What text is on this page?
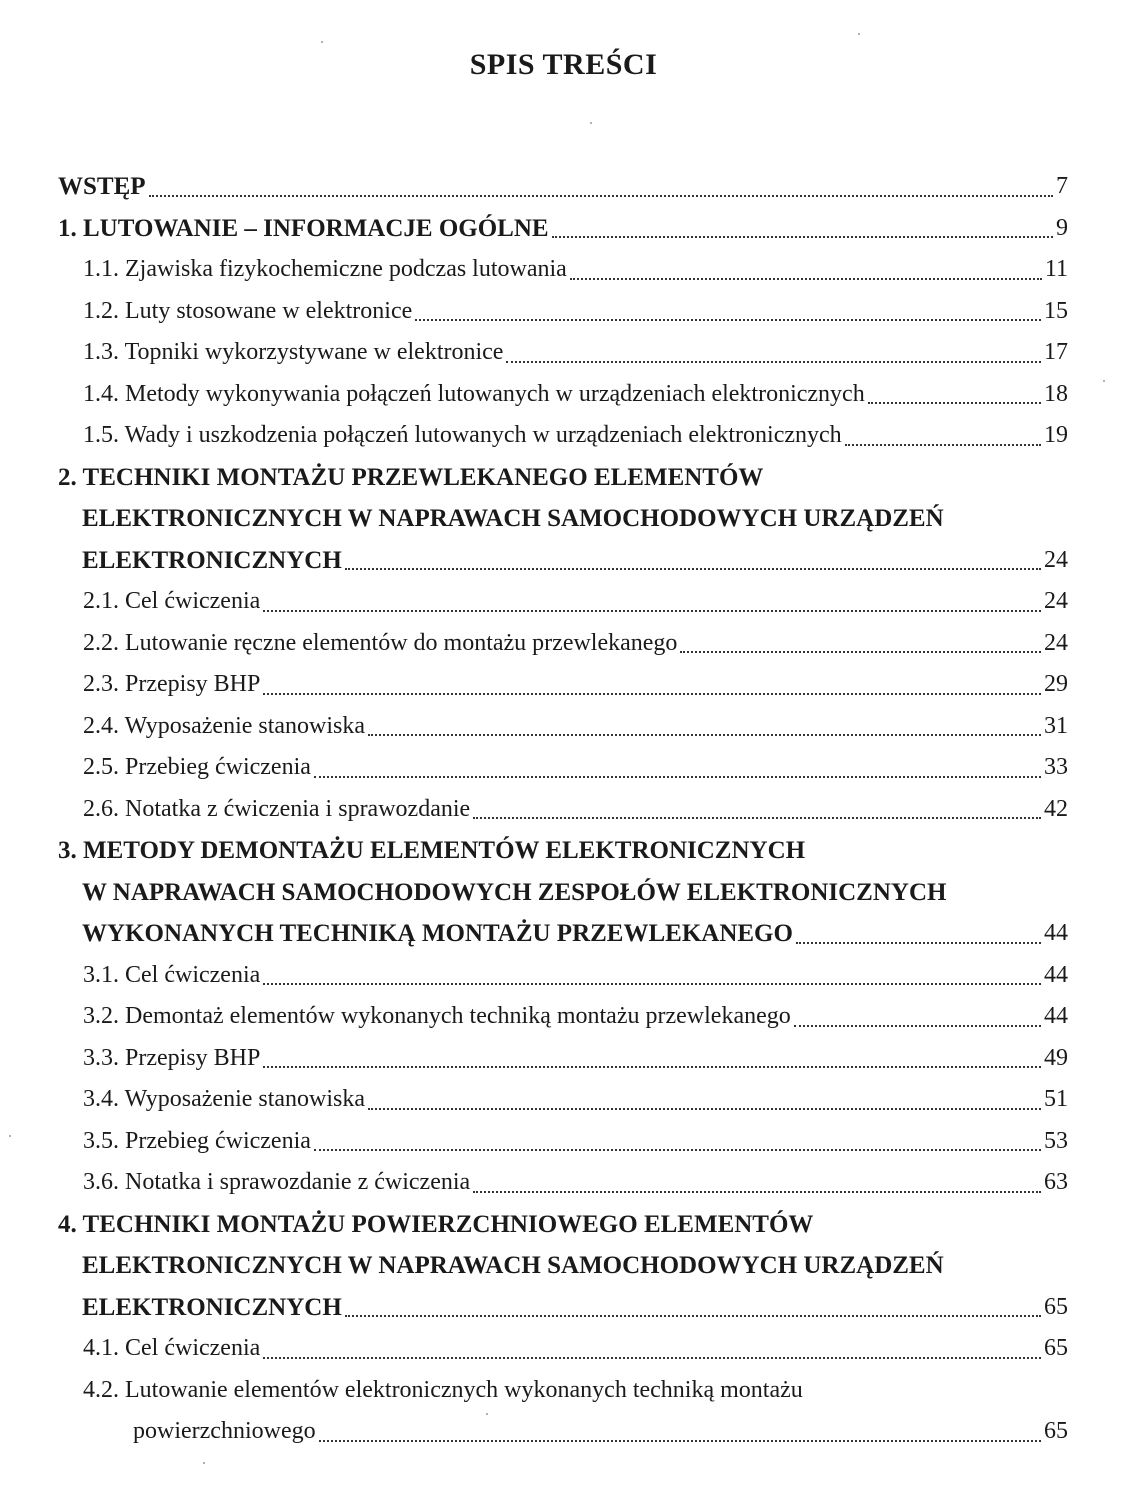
SPIS TREŚCI
WSTĘP	7
1. LUTOWANIE – INFORMACJE OGÓLNE	9
1.1. Zjawiska fizykochemiczne podczas lutowania	11
1.2. Luty stosowane w elektronice	15
1.3. Topniki wykorzystywane w elektronice	17
1.4. Metody wykonywania połączeń lutowanych w urządzeniach elektronicznych	18
1.5. Wady i uszkodzenia połączeń lutowanych w urządzeniach elektronicznych	19
2. TECHNIKI MONTAŻU PRZEWLEKANEGO ELEMENTÓW
ELEKTRONICZNYCH W NAPRAWACH SAMOCHODOWYCH URZĄDZEŃ
ELEKTRONICZNYCH	24
2.1. Cel ćwiczenia	24
2.2. Lutowanie ręczne elementów do montażu przewlekanego	24
2.3. Przepisy BHP	29
2.4. Wyposażenie stanowiska	31
2.5. Przebieg ćwiczenia	33
2.6. Notatka z ćwiczenia i sprawozdanie	42
3. METODY DEMONTAŻU ELEMENTÓW ELEKTRONICZNYCH
W NAPRAWACH SAMOCHODOWYCH ZESPOŁÓW ELEKTRONICZNYCH
WYKONANYCH TECHNIKĄ MONTAŻU PRZEWLEKANEGO	44
3.1. Cel ćwiczenia	44
3.2. Demontaż elementów wykonanych techniką montażu przewlekanego	44
3.3. Przepisy BHP	49
3.4. Wyposażenie stanowiska	51
3.5. Przebieg ćwiczenia	53
3.6. Notatka i sprawozdanie z ćwiczenia	63
4. TECHNIKI MONTAŻU POWIERZCHNIOWEGO ELEMENTÓW
ELEKTRONICZNYCH W NAPRAWACH SAMOCHODOWYCH URZĄDZEŃ
ELEKTRONICZNYCH	65
4.1. Cel ćwiczenia	65
4.2. Lutowanie elementów elektronicznych wykonanych techniką montażu
powierzchniowego	65
